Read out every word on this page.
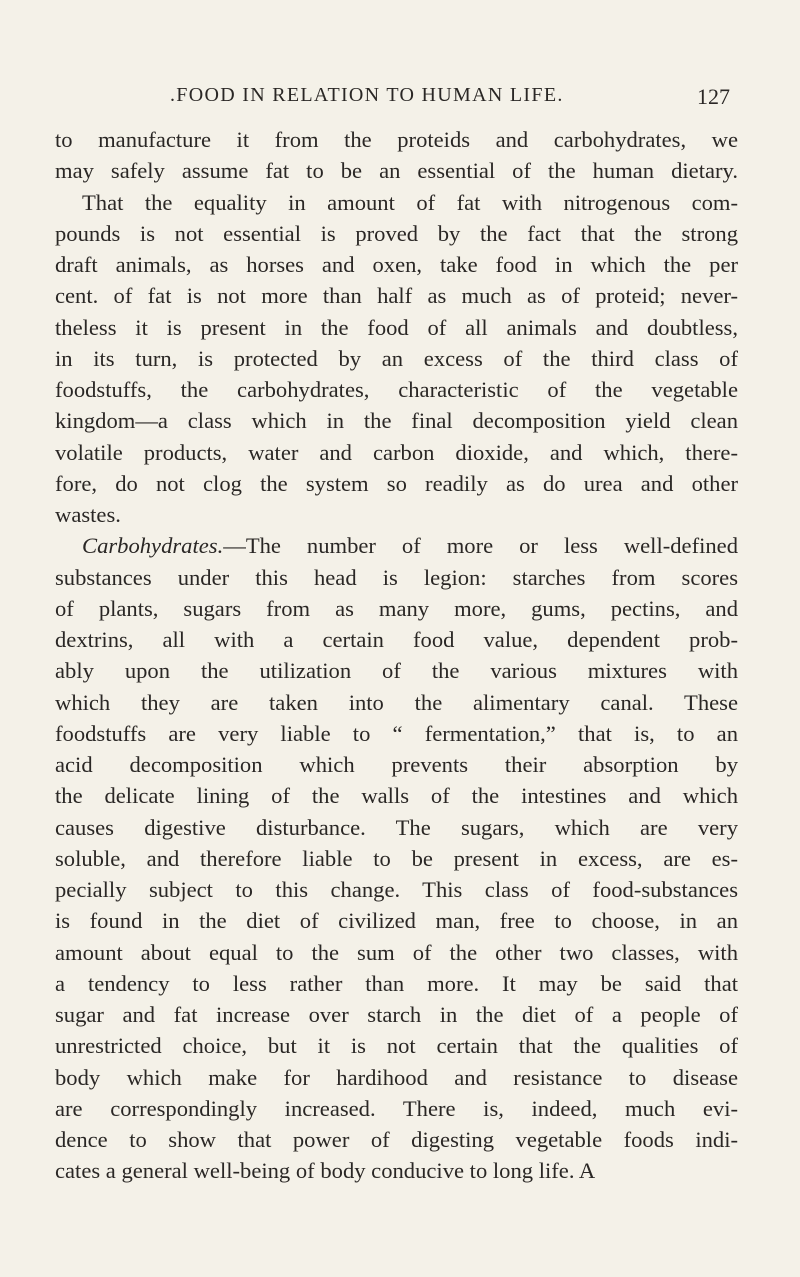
.FOOD IN RELATION TO HUMAN LIFE.	127
to manufacture it from the proteids and carbohydrates, we
may safely assume fat to be an essential of the human dietary.
That the equality in amount of fat with nitrogenous com-
pounds is not essential is proved by the fact that the strong
draft animals, as horses and oxen, take food in which the per
cent. of fat is not more than half as much as of proteid; never-
theless it is present in the food of all animals and doubtless,
in its turn, is protected by an excess of the third class of
foodstuffs, the carbohydrates, characteristic of the vegetable
kingdom—a class which in the final decomposition yield clean
volatile products, water and carbon dioxide, and which, there-
fore, do not clog the system so readily as do urea and other
wastes.
Carbohydrates.—The number of more or less well-defined
substances under this head is legion: starches from scores
of plants, sugars from as many more, gums, pectins, and
dextrins, all with a certain food value, dependent prob-
ably upon the utilization of the various mixtures with
which they are taken into the alimentary canal. These
foodstuffs are very liable to “ fermentation,” that is, to an
acid decomposition which prevents their absorption by
the delicate lining of the walls of the intestines and which
causes digestive disturbance. The sugars, which are very
soluble, and therefore liable to be present in excess, are es-
pecially subject to this change. This class of food-substances
is found in the diet of civilized man, free to choose, in an
amount about equal to the sum of the other two classes, with
a tendency to less rather than more. It may be said that
sugar and fat increase over starch in the diet of a people of
unrestricted choice, but it is not certain that the qualities of
body which make for hardihood and resistance to disease
are correspondingly increased. There is, indeed, much evi-
dence to show that power of digesting vegetable foods indi-
cates a general well-being of body conducive to long life. A
